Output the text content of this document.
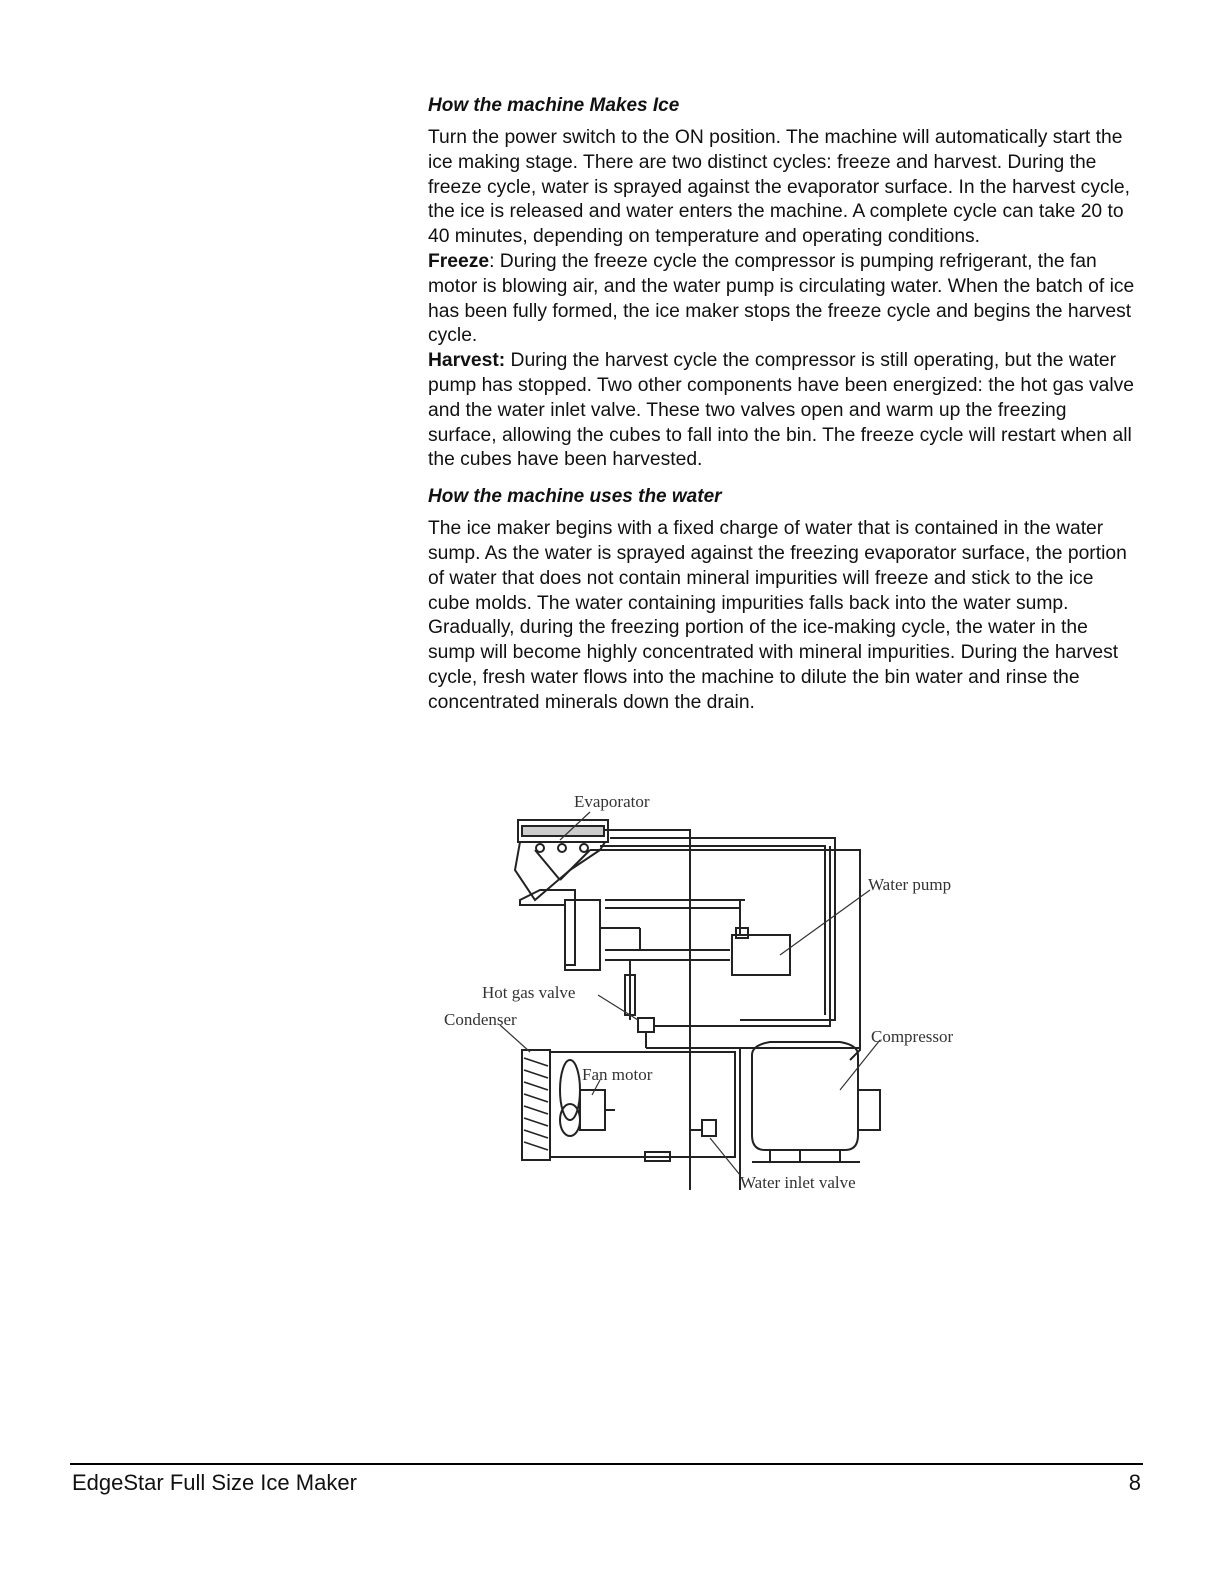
How the machine Makes Ice

Turn the power switch to the ON position. The machine will automatically start the ice making stage. There are two distinct cycles: freeze and harvest. During the freeze cycle, water is sprayed against the evaporator surface. In the harvest cycle, the ice is released and water enters the machine. A complete cycle can take 20 to 40 minutes, depending on temperature and operating conditions.

Freeze: During the freeze cycle the compressor is pumping refrigerant, the fan motor is blowing air, and the water pump is circulating water. When the batch of ice has been fully formed, the ice maker stops the freeze cycle and begins the harvest cycle.

Harvest: During the harvest cycle the compressor is still operating, but the water pump has stopped. Two other components have been energized: the hot gas valve and the water inlet valve. These two valves open and warm up the freezing surface, allowing the cubes to fall into the bin. The freeze cycle will restart when all the cubes have been harvested.

How the machine uses the water

The ice maker begins with a fixed charge of water that is contained in the water sump. As the water is sprayed against the freezing evaporator surface, the portion of water that does not contain mineral impurities will freeze and stick to the ice cube molds. The water containing impurities falls back into the water sump. Gradually, during the freezing portion of the ice-making cycle, the water in the sump will become highly concentrated with mineral impurities. During the harvest cycle, fresh water flows into the machine to dilute the bin water and rinse the concentrated minerals down the drain.

Evaporator
Water pump
Hot gas valve
Condenser
Compressor
Fan motor
Water inlet valve
EdgeStar Full Size Ice Maker	8
